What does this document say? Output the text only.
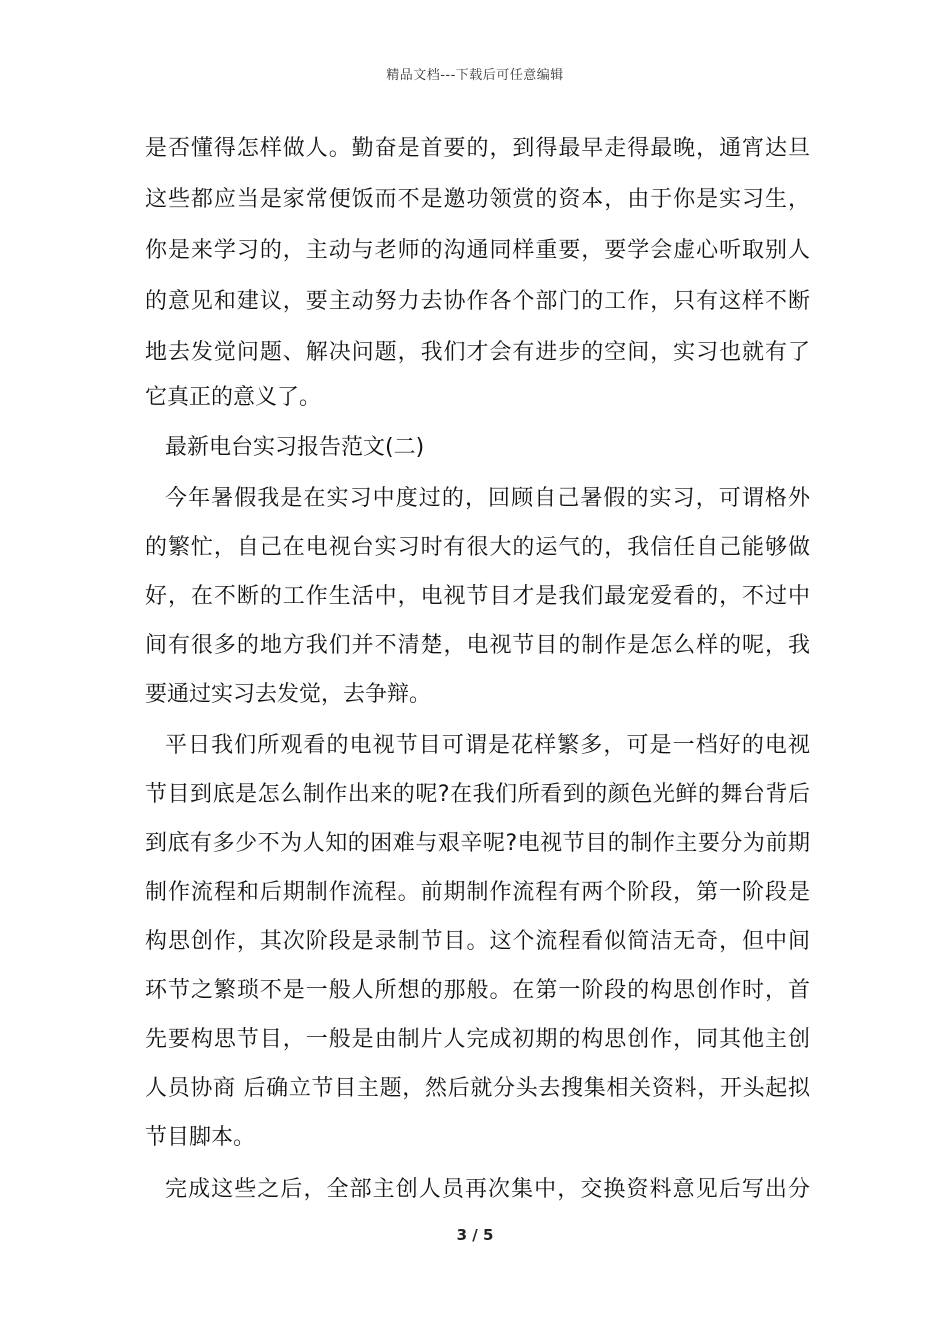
精品文档---下载后可任意编辑
是否懂得怎样做人。勤奋是首要的，到得最早走得最晚，通宵达旦
这些都应当是家常便饭而不是邀功领赏的资本，由于你是实习生，
你是来学习的，主动与老师的沟通同样重要，要学会虚心听取别人
的意见和建议，要主动努力去协作各个部门的工作，只有这样不断
地去发觉问题、解决问题，我们才会有进步的空间，实习也就有了
它真正的意义了。
最新电台实习报告范文(二)
今年暑假我是在实习中度过的，回顾自己暑假的实习，可谓格外
的繁忙，自己在电视台实习时有很大的运气的，我信任自己能够做
好，在不断的工作生活中，电视节目才是我们最宠爱看的，不过中
间有很多的地方我们并不清楚，电视节目的制作是怎么样的呢，我
要通过实习去发觉，去争辩。
平日我们所观看的电视节目可谓是花样繁多，可是一档好的电视
节目到底是怎么制作出来的呢?在我们所看到的颜色光鲜的舞台背后
到底有多少不为人知的困难与艰辛呢?电视节目的制作主要分为前期
制作流程和后期制作流程。前期制作流程有两个阶段，第一阶段是
构思创作，其次阶段是录制节目。这个流程看似简洁无奇，但中间
环节之繁琐不是一般人所想的那般。在第一阶段的构思创作时，首
先要构思节目，一般是由制片人完成初期的构思创作，同其他主创
人员协商 后确立节目主题，然后就分头去搜集相关资料，开头起拟
节目脚本。
完成这些之后，全部主创人员再次集中，交换资料意见后写出分
3 / 5
